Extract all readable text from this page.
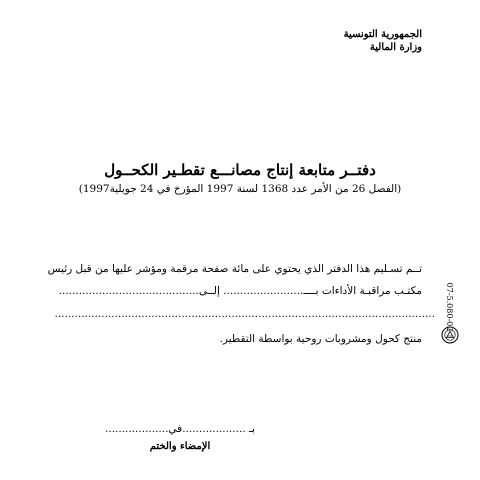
الجمهورية التونسية
وزارة المالية
دفتــر متابعة إنتاج مصانـــع تقطـير الكحــول
(الفصل 26 من الأمر عدد 1368 لسنة 1997 المؤرخ في 24 جويلية1997)
تــم تسـليم هذا الدفتر الذي يحتوي على مائة صفحة مرقمة ومؤشر عليها من قبل رئيس
مكتـب مراقبـة الأداءات بــــ........................ إلــى..........................................
..................................................................................................................
منتج كحول ومشروبات روحية بواسطة التقطير.
بـ ...................في...................
الإمضاء والختم
07-5.080-02
